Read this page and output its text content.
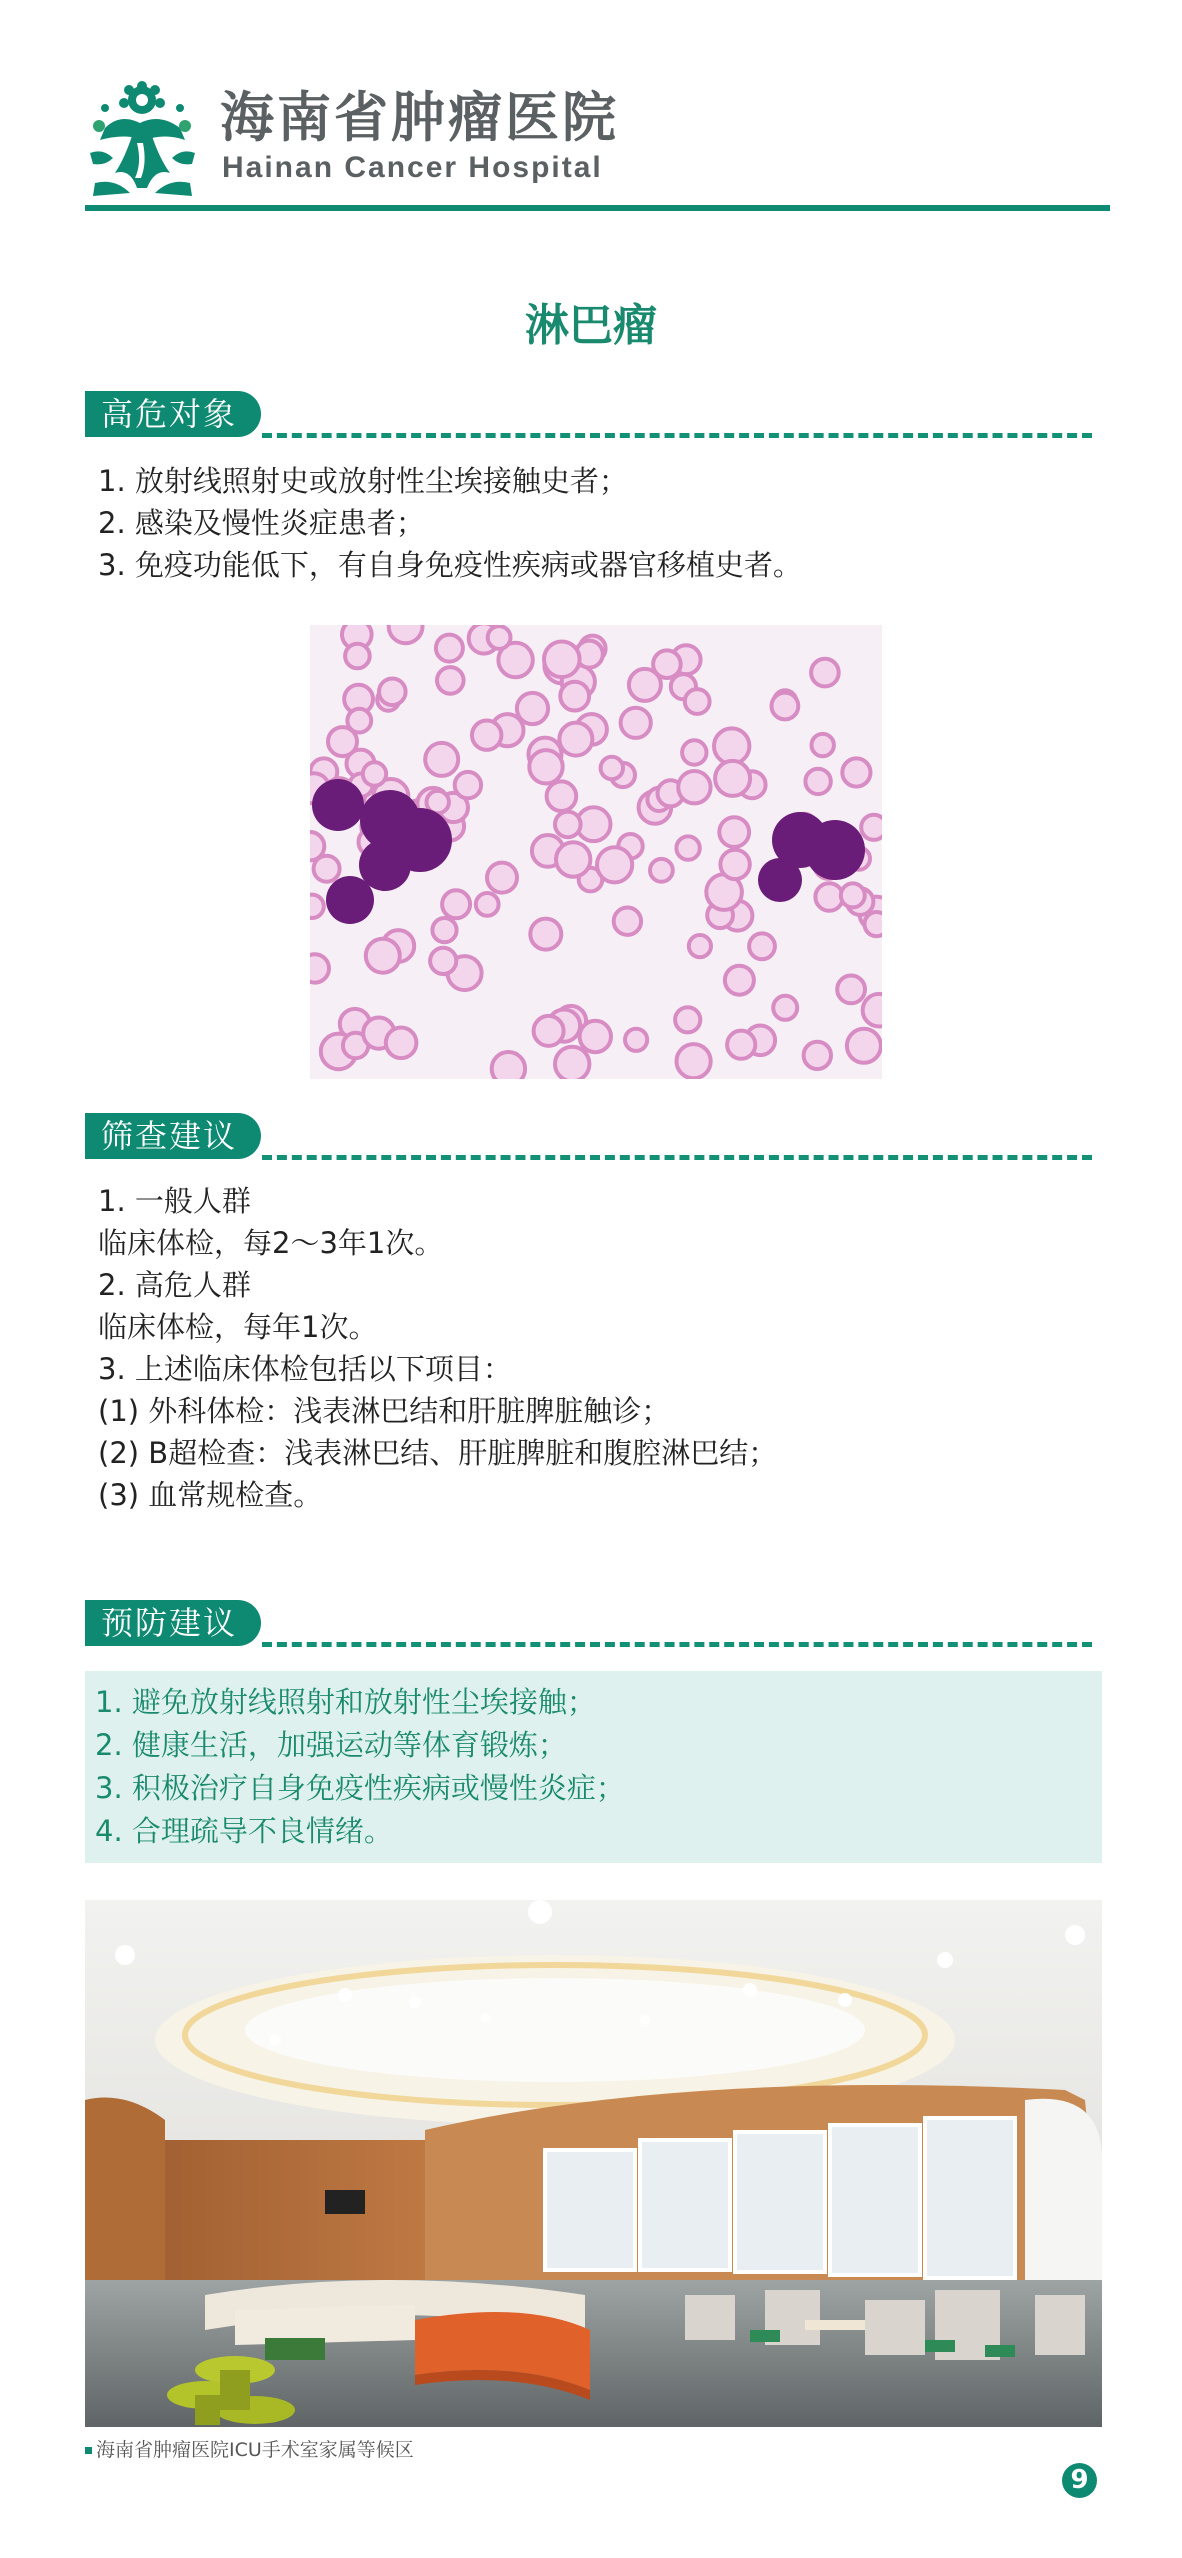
海南省肿瘤医院
Hainan Cancer Hospital
淋巴瘤
高危对象
1. 放射线照射史或放射性尘埃接触史者；
2. 感染及慢性炎症患者；
3. 免疫功能低下，有自身免疫性疾病或器官移植史者。
筛查建议
1. 一般人群
临床体检，每2～3年1次。
2. 高危人群
临床体检，每年1次。
3. 上述临床体检包括以下项目：
(1) 外科体检：浅表淋巴结和肝脏脾脏触诊；
(2) B超检查：浅表淋巴结、肝脏脾脏和腹腔淋巴结；
(3) 血常规检查。
预防建议
1. 避免放射线照射和放射性尘埃接触；
2. 健康生活，加强运动等体育锻炼；
3. 积极治疗自身免疫性疾病或慢性炎症；
4. 合理疏导不良情绪。
海南省肿瘤医院ICU手术室家属等候区
9
